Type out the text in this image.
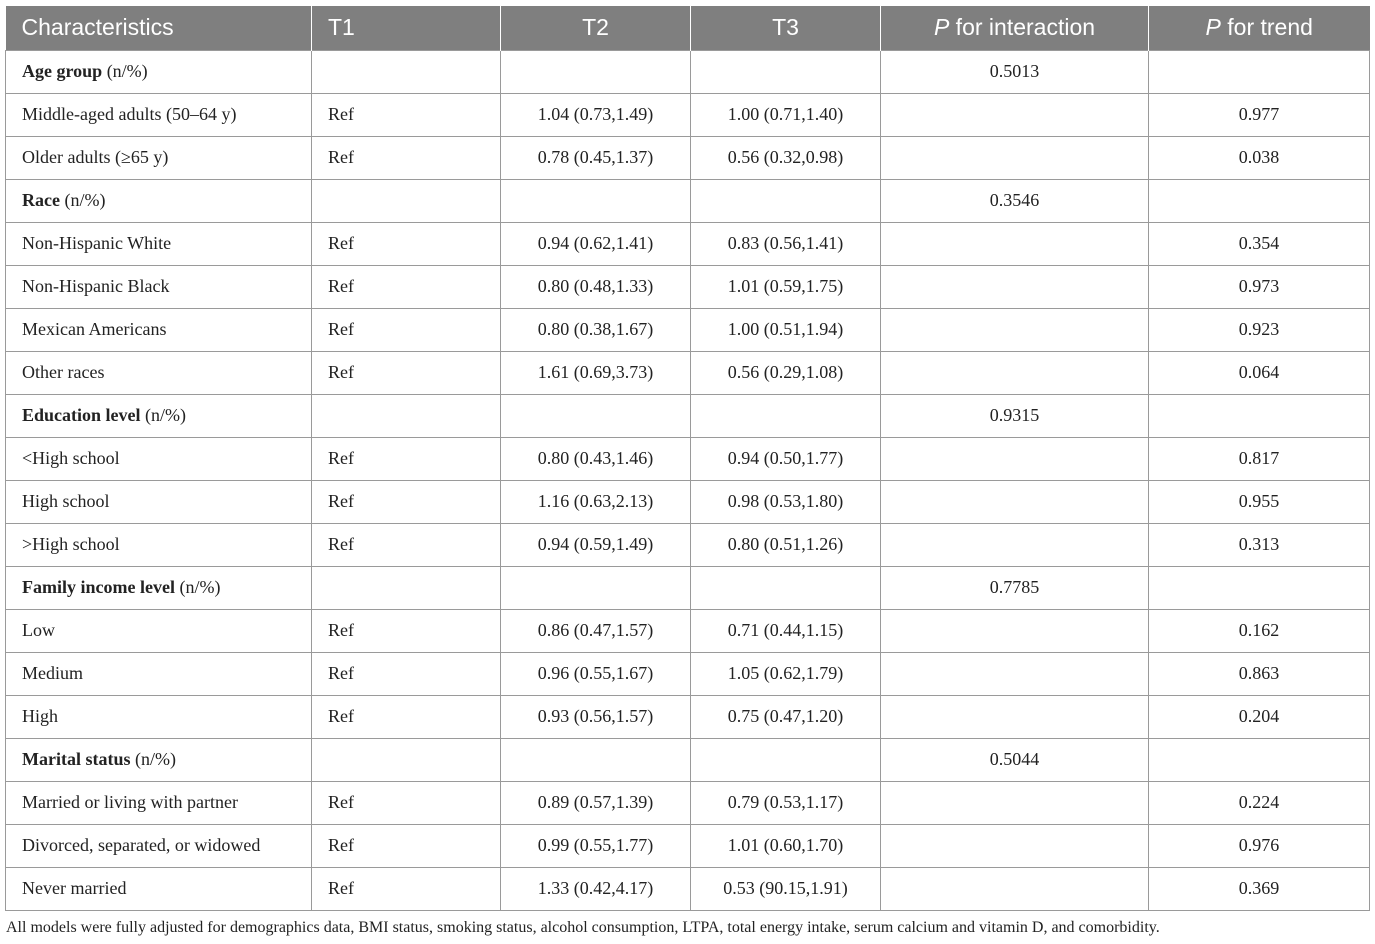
Characteristics	T1	T2	T3	P for interaction	P for trend
Age group (n/%)				0.5013	
Middle-aged adults (50–64 y)	Ref	1.04 (0.73,1.49)	1.00 (0.71,1.40)		0.977
Older adults (≥65 y)	Ref	0.78 (0.45,1.37)	0.56 (0.32,0.98)		0.038
Race (n/%)				0.3546	
Non-Hispanic White	Ref	0.94 (0.62,1.41)	0.83 (0.56,1.41)		0.354
Non-Hispanic Black	Ref	0.80 (0.48,1.33)	1.01 (0.59,1.75)		0.973
Mexican Americans	Ref	0.80 (0.38,1.67)	1.00 (0.51,1.94)		0.923
Other races	Ref	1.61 (0.69,3.73)	0.56 (0.29,1.08)		0.064
Education level (n/%)				0.9315	
<High school	Ref	0.80 (0.43,1.46)	0.94 (0.50,1.77)		0.817
High school	Ref	1.16 (0.63,2.13)	0.98 (0.53,1.80)		0.955
>High school	Ref	0.94 (0.59,1.49)	0.80 (0.51,1.26)		0.313
Family income level (n/%)				0.7785	
Low	Ref	0.86 (0.47,1.57)	0.71 (0.44,1.15)		0.162
Medium	Ref	0.96 (0.55,1.67)	1.05 (0.62,1.79)		0.863
High	Ref	0.93 (0.56,1.57)	0.75 (0.47,1.20)		0.204
Marital status (n/%)				0.5044	
Married or living with partner	Ref	0.89 (0.57,1.39)	0.79 (0.53,1.17)		0.224
Divorced, separated, or widowed	Ref	0.99 (0.55,1.77)	1.01 (0.60,1.70)		0.976
Never married	Ref	1.33 (0.42,4.17)	0.53 (90.15,1.91)		0.369
All models were fully adjusted for demographics data, BMI status, smoking status, alcohol consumption, LTPA, total energy intake, serum calcium and vitamin D, and comorbidity.
